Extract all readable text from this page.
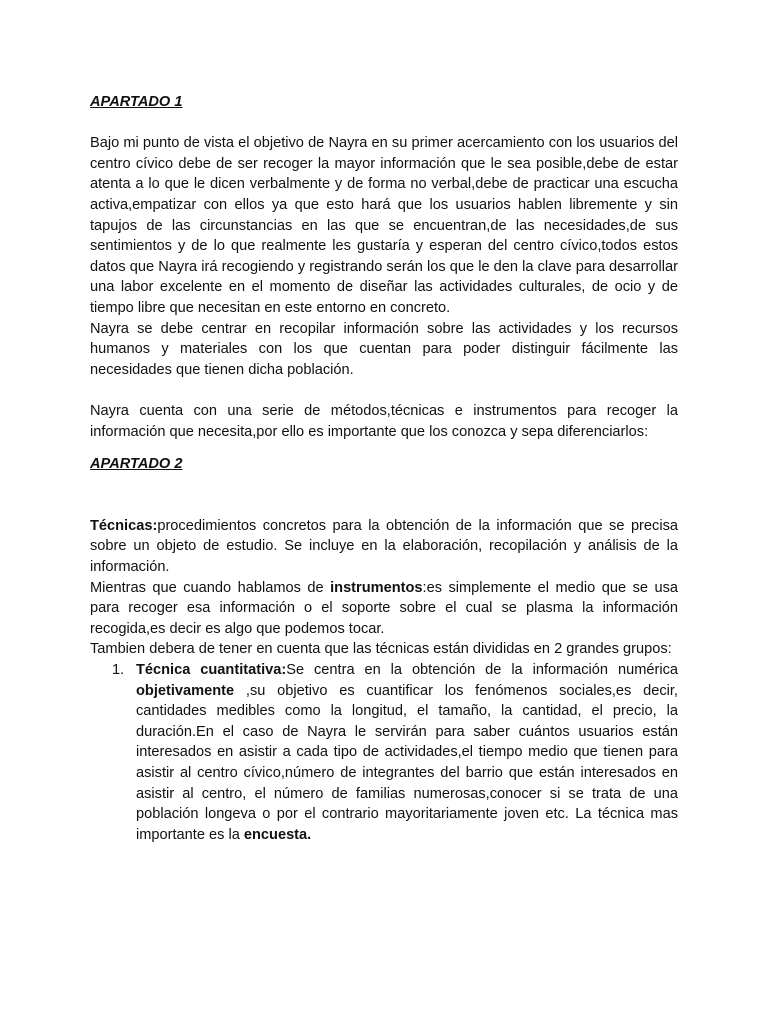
APARTADO 1

Bajo mi punto de vista el objetivo de Nayra en su primer acercamiento con los usuarios del centro cívico debe de ser recoger la mayor información que le sea posible,debe de estar atenta a lo que le dicen verbalmente y de forma no verbal,debe de practicar una escucha activa,empatizar con ellos ya que esto hará que los usuarios hablen libremente y sin tapujos de las circunstancias en las que se encuentran,de las necesidades,de sus sentimientos y de lo que realmente les gustaría y esperan del centro cívico,todos estos datos que Nayra irá recogiendo y registrando serán los que le den la clave para desarrollar una labor excelente en el momento de diseñar las actividades culturales, de ocio y de tiempo libre que necesitan en este entorno en concreto.

Nayra se debe centrar en recopilar información sobre las actividades y los recursos humanos y materiales con los que cuentan para poder distinguir fácilmente las necesidades que tienen dicha población.

Nayra cuenta con una serie de métodos,técnicas e instrumentos para recoger la información que necesita,por ello es importante que los conozca y sepa diferenciarlos:

APARTADO 2

Técnicas:procedimientos concretos para la obtención de la información que se precisa sobre un objeto de estudio. Se incluye en la elaboración, recopilación y análisis de la información.

Mientras que cuando hablamos de instrumentos:es simplemente el medio que se usa para recoger esa información o el soporte sobre el cual se plasma la información recogida,es decir es algo que podemos tocar.

Tambien debera de tener en cuenta que las técnicas están divididas en 2 grandes grupos:

1. Técnica cuantitativa:Se centra en la obtención de la información numérica objetivamente ,su objetivo es cuantificar los fenómenos sociales,es decir, cantidades medibles como la longitud, el tamaño, la cantidad, el precio, la duración.En el caso de Nayra le servirán para saber cuántos usuarios están interesados en asistir a cada tipo de actividades,el tiempo medio que tienen para asistir al centro cívico,número de integrantes del barrio que están interesados en asistir al centro, el número de familias numerosas,conocer si se trata de una población longeva o por el contrario mayoritariamente joven etc. La técnica mas importante es la encuesta.
